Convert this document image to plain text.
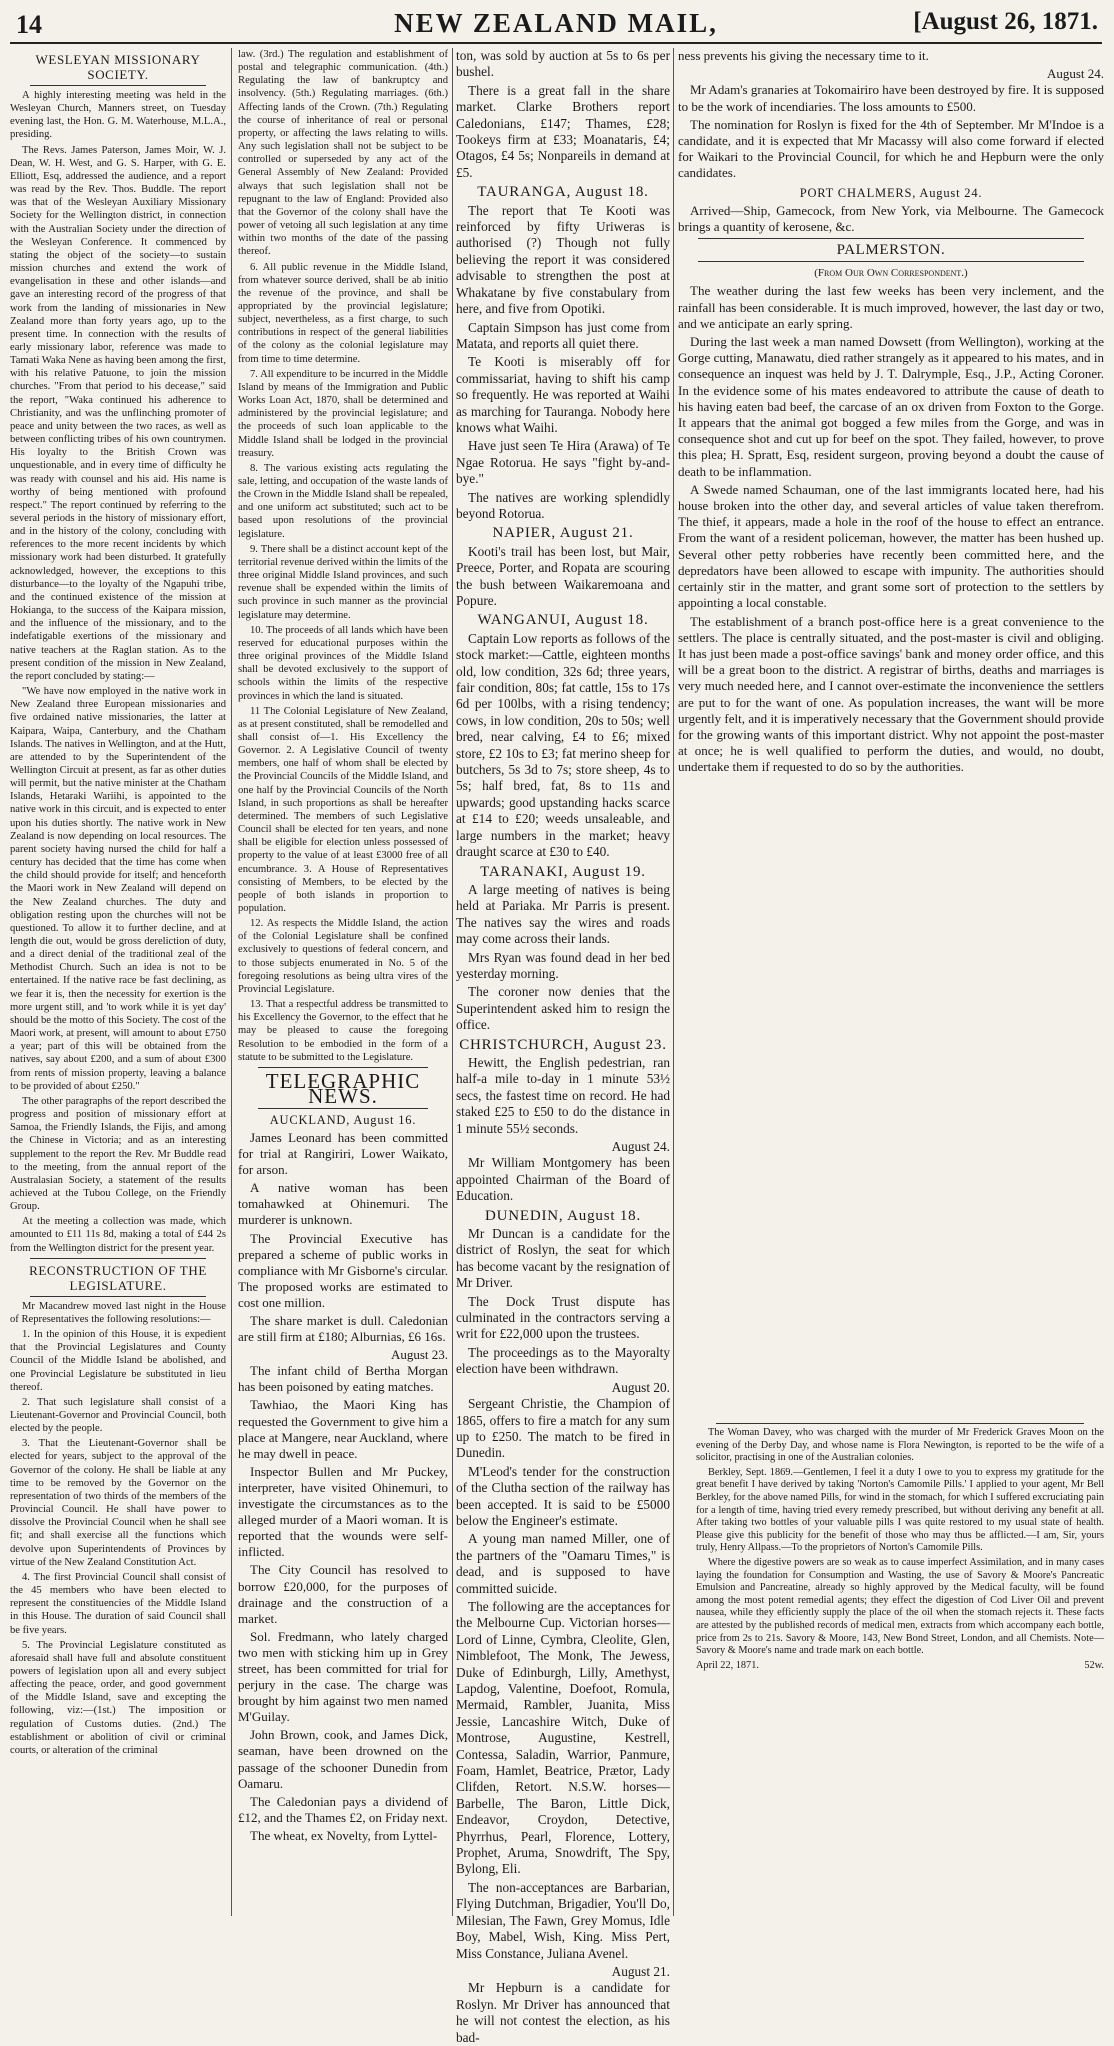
14	NEW ZEALAND MAIL,	[August 26, 1871.
WESLEYAN MISSIONARY SOCIETY.

A highly interesting meeting was held in the Wesleyan Church, Manners street, on Tuesday evening last, the Hon. G. M. Waterhouse, M.L.A., presiding.

The Revs. James Paterson, James Moir, W. J. Dean, W. H. West, and G. S. Harper, with G. E. Elliott, Esq, addressed the audience, and a report was read by the Rev. Thos. Buddle. The report was that of the Wesleyan Auxiliary Missionary Society for the Wellington district, in connection with the Australian Society under the direction of the Wesleyan Conference. It commenced by stating the object of the society—to sustain mission churches and extend the work of evangelisation in these and other islands—and gave an interesting record of the progress of that work from the landing of missionaries in New Zealand more than forty years ago, up to the present time. In connection with the results of early missionary labor, reference was made to Tamati Waka Nene as having been among the first, with his relative Patuone, to join the mission churches. "From that period to his decease," said the report, "Waka continued his adherence to Christianity, and was the unflinching promoter of peace and unity between the two races, as well as between conflicting tribes of his own countrymen. His loyalty to the British Crown was unquestionable, and in every time of difficulty he was ready with counsel and his aid. His name is worthy of being mentioned with profound respect." The report continued by referring to the several periods in the history of missionary effort, and in the history of the colony, concluding with references to the more recent incidents by which missionary work had been disturbed. It gratefully acknowledged, however, the exceptions to this disturbance—to the loyalty of the Ngapuhi tribe, and the continued existence of the mission at Hokianga, to the success of the Kaipara mission, and the influence of the missionary, and to the indefatigable exertions of the missionary and native teachers at the Raglan station. As to the present condition of the mission in New Zealand, the report concluded by stating:—

"We have now employed in the native work in New Zealand three European missionaries and five ordained native missionaries, the latter at Kaipara, Waipa, Canterbury, and the Chatham Islands. The natives in Wellington, and at the Hutt, are attended to by the Superintendent of the Wellington Circuit at present, as far as other duties will permit, but the native minister at the Chatham Islands, Hetaraki Wariihi, is appointed to the native work in this circuit, and is expected to enter upon his duties shortly. The native work in New Zealand is now depending on local resources. The parent society having nursed the child for half a century has decided that the time has come when the child should provide for itself; and henceforth the Maori work in New Zealand will depend on the New Zealand churches. The duty and obligation resting upon the churches will not be questioned. To allow it to further decline, and at length die out, would be gross dereliction of duty, and a direct denial of the traditional zeal of the Methodist Church. Such an idea is not to be entertained. If the native race be fast declining, as we fear it is, then the necessity for exertion is the more urgent still, and 'to work while it is yet day' should be the motto of this Society. The cost of the Maori work, at present, will amount to about £750 a year; part of this will be obtained from the natives, say about £200, and a sum of about £300 from rents of mission property, leaving a balance to be provided of about £250."

The other paragraphs of the report described the progress and position of missionary effort at Samoa, the Friendly Islands, the Fijis, and among the Chinese in Victoria; and as an interesting supplement to the report the Rev. Mr Buddle read to the meeting, from the annual report of the Australasian Society, a statement of the results achieved at the Tubou College, on the Friendly Group.

At the meeting a collection was made, which amounted to £11 11s 8d, making a total of £44 2s from the Wellington district for the present year.

RECONSTRUCTION OF THE LEGISLATURE.

Mr Macandrew moved last night in the House of Representatives the following resolutions:—

1. In the opinion of this House, it is expedient that the Provincial Legislatures and County Council of the Middle Island be abolished, and one Provincial Legislature be substituted in lieu thereof.

2. That such legislature shall consist of a Lieutenant-Governor and Provincial Council, both elected by the people.

3. That the Lieutenant-Governor shall be elected for years, subject to the approval of the Governor of the colony. He shall be liable at any time to be removed by the Governor on the representation of two thirds of the members of the Provincial Council. He shall have power to dissolve the Provincial Council when he shall see fit; and shall exercise all the functions which devolve upon Superintendents of Provinces by virtue of the New Zealand Constitution Act.

4. The first Provincial Council shall consist of the 45 members who have been elected to represent the constituencies of the Middle Island in this House. The duration of said Council shall be five years.

5. The Provincial Legislature constituted as aforesaid shall have full and absolute constituent powers of legislation upon all and every subject affecting the peace, order, and good government of the Middle Island, save and excepting the following, viz:—(1st.) The imposition or regulation of Customs duties. (2nd.) The establishment or abolition of civil or criminal courts, or alteration of the criminal

law. (3rd.) The regulation and establishment of postal and telegraphic communication. (4th.) Regulating the law of bankruptcy and insolvency. (5th.) Regulating marriages. (6th.) Affecting lands of the Crown. (7th.) Regulating the course of inheritance of real or personal property, or affecting the laws relating to wills. Any such legislation shall not be subject to be controlled or superseded by any act of the General Assembly of New Zealand: Provided always that such legislation shall not be repugnant to the law of England: Provided also that the Governor of the colony shall have the power of vetoing all such legislation at any time within two months of the date of the passing thereof.

6. All public revenue in the Middle Island, from whatever source derived, shall be ab initio the revenue of the province, and shall be appropriated by the provincial legislature; subject, nevertheless, as a first charge, to such contributions in respect of the general liabilities of the colony as the colonial legislature may from time to time determine.

7. All expenditure to be incurred in the Middle Island by means of the Immigration and Public Works Loan Act, 1870, shall be determined and administered by the provincial legislature; and the proceeds of such loan applicable to the Middle Island shall be lodged in the provincial treasury.

8. The various existing acts regulating the sale, letting, and occupation of the waste lands of the Crown in the Middle Island shall be repealed, and one uniform act substituted; such act to be based upon resolutions of the provincial legislature.

9. There shall be a distinct account kept of the territorial revenue derived within the limits of the three original Middle Island provinces, and such revenue shall be expended within the limits of such province in such manner as the provincial legislature may determine.

10. The proceeds of all lands which have been reserved for educational purposes within the three original provinces of the Middle Island shall be devoted exclusively to the support of schools within the limits of the respective provinces in which the land is situated.

11 The Colonial Legislature of New Zealand, as at present constituted, shall be remodelled and shall consist of—1. His Excellency the Governor. 2. A Legislative Council of twenty members, one half of whom shall be elected by the Provincial Councils of the Middle Island, and one half by the Provincial Councils of the North Island, in such proportions as shall be hereafter determined. The members of such Legislative Council shall be elected for ten years, and none shall be eligible for election unless possessed of property to the value of at least £3000 free of all encumbrance. 3. A House of Representatives consisting of Members, to be elected by the people of both islands in proportion to population.

12. As respects the Middle Island, the action of the Colonial Legislature shall be confined exclusively to questions of federal concern, and to those subjects enumerated in No. 5 of the foregoing resolutions as being ultra vires of the Provincial Legislature.

13. That a respectful address be transmitted to his Excellency the Governor, to the effect that he may be pleased to cause the foregoing Resolution to be embodied in the form of a statute to be submitted to the Legislature.

TELEGRAPHIC NEWS.
AUCKLAND, August 16.

James Leonard has been committed for trial at Rangiriri, Lower Waikato, for arson.

A native woman has been tomahawked at Ohinemuri. The murderer is unknown.

The Provincial Executive has prepared a scheme of public works in compliance with Mr Gisborne's circular. The proposed works are estimated to cost one million.

The share market is dull. Caledonian are still firm at £180; Alburnias, £6 16s.

August 23.

The infant child of Bertha Morgan has been poisoned by eating matches.

Tawhiao, the Maori King has requested the Government to give him a place at Mangere, near Auckland, where he may dwell in peace.

Inspector Bullen and Mr Puckey, interpreter, have visited Ohinemuri, to investigate the circumstances as to the alleged murder of a Maori woman. It is reported that the wounds were self-inflicted.

The City Council has resolved to borrow £20,000, for the purposes of drainage and the construction of a market.

Sol. Fredmann, who lately charged two men with sticking him up in Grey street, has been committed for trial for perjury in the case. The charge was brought by him against two men named M'Guilay.

John Brown, cook, and James Dick, seaman, have been drowned on the passage of the schooner Dunedin from Oamaru.

The Caledonian pays a dividend of £12, and the Thames £2, on Friday next.

The wheat, ex Novelty, from Lyttel-

ton, was sold by auction at 5s to 6s per bushel.

There is a great fall in the share market. Clarke Brothers report Caledonians, £147; Thames, £28; Tookeys firm at £33; Moanataris, £4; Otagos, £4 5s; Nonpareils in demand at £5.

TAURANGA, August 18.

The report that Te Kooti was reinforced by fifty Uriweras is authorised (?) Though not fully believing the report it was considered advisable to strengthen the post at Whakatane by five constabulary from here, and five from Opotiki.

Captain Simpson has just come from Matata, and reports all quiet there.

Te Kooti is miserably off for commissariat, having to shift his camp so frequently. He was reported at Waihi as marching for Tauranga. Nobody here knows what Waihi.

Have just seen Te Hira (Arawa) of Te Ngae Rotorua. He says "fight by-and-bye."

The natives are working splendidly beyond Rotorua.

NAPIER, August 21.

Kooti's trail has been lost, but Mair, Preece, Porter, and Ropata are scouring the bush between Waikaremoana and Popure.

WANGANUI, August 18.

Captain Low reports as follows of the stock market:—Cattle, eighteen months old, low condition, 32s 6d; three years, fair condition, 80s; fat cattle, 15s to 17s 6d per 100lbs, with a rising tendency; cows, in low condition, 20s to 50s; well bred, near calving, £4 to £6; mixed store, £2 10s to £3; fat merino sheep for butchers, 5s 3d to 7s; store sheep, 4s to 5s; half bred, fat, 8s to 11s and upwards; good upstanding hacks scarce at £14 to £20; weeds unsaleable, and large numbers in the market; heavy draught scarce at £30 to £40.

TARANAKI, August 19.

A large meeting of natives is being held at Pariaka. Mr Parris is present. The natives say the wires and roads may come across their lands.

Mrs Ryan was found dead in her bed yesterday morning.

The coroner now denies that the Superintendent asked him to resign the office.

CHRISTCHURCH, August 23.

Hewitt, the English pedestrian, ran half-a mile to-day in 1 minute 53½ secs, the fastest time on record. He had staked £25 to £50 to do the distance in 1 minute 55½ seconds.

August 24.

Mr William Montgomery has been appointed Chairman of the Board of Education.

DUNEDIN, August 18.

Mr Duncan is a candidate for the district of Roslyn, the seat for which has become vacant by the resignation of Mr Driver.

The Dock Trust dispute has culminated in the contractors serving a writ for £22,000 upon the trustees.

The proceedings as to the Mayoralty election have been withdrawn.

August 20.

Sergeant Christie, the Champion of 1865, offers to fire a match for any sum up to £250. The match to be fired in Dunedin.

M'Leod's tender for the construction of the Clutha section of the railway has been accepted. It is said to be £5000 below the Engineer's estimate.

A young man named Miller, one of the partners of the "Oamaru Times," is dead, and is supposed to have committed suicide.

The following are the acceptances for the Melbourne Cup. Victorian horses—Lord of Linne, Cymbra, Cleolite, Glen, Nimblefoot, The Monk, The Jewess, Duke of Edinburgh, Lilly, Amethyst, Lapdog, Valentine, Doefoot, Romula, Mermaid, Rambler, Juanita, Miss Jessie, Lancashire Witch, Duke of Montrose, Augustine, Kestrell, Contessa, Saladin, Warrior, Panmure, Foam, Hamlet, Beatrice, Prætor, Lady Clifden, Retort. N.S.W. horses—Barbelle, The Baron, Little Dick, Endeavor, Croydon, Detective, Phyrrhus, Pearl, Florence, Lottery, Prophet, Aruma, Snowdrift, The Spy, Bylong, Eli.

The non-acceptances are Barbarian, Flying Dutchman, Brigadier, You'll Do, Milesian, The Fawn, Grey Momus, Idle Boy, Mabel, Wish, King. Miss Pert, Miss Constance, Juliana Avenel.

August 21.

Mr Hepburn is a candidate for Roslyn. Mr Driver has announced that he will not contest the election, as his bad-

ness prevents his giving the necessary time to it.

August 24.

Mr Adam's granaries at Tokomairiro have been destroyed by fire. It is supposed to be the work of incendiaries. The loss amounts to £500.

The nomination for Roslyn is fixed for the 4th of September. Mr M'Indoe is a candidate, and it is expected that Mr Macassy will also come forward if elected for Waikari to the Provincial Council, for which he and Hepburn were the only candidates.

PORT CHALMERS, August 24.

Arrived—Ship, Gamecock, from New York, via Melbourne. The Gamecock brings a quantity of kerosene, &c.

PALMERSTON.

(From Our Own Correspondent.)

The weather during the last few weeks has been very inclement, and the rainfall has been considerable. It is much improved, however, the last day or two, and we anticipate an early spring.

During the last week a man named Dowsett (from Wellington), working at the Gorge cutting, Manawatu, died rather strangely as it appeared to his mates, and in consequence an inquest was held by J. T. Dalrymple, Esq., J.P., Acting Coroner. In the evidence some of his mates endeavored to attribute the cause of death to his having eaten bad beef, the carcase of an ox driven from Foxton to the Gorge. It appears that the animal got bogged a few miles from the Gorge, and was in consequence shot and cut up for beef on the spot. They failed, however, to prove this plea; H. Spratt, Esq, resident surgeon, proving beyond a doubt the cause of death to be inflammation.

A Swede named Schauman, one of the last immigrants located here, had his house broken into the other day, and several articles of value taken therefrom. The thief, it appears, made a hole in the roof of the house to effect an entrance. From the want of a resident policeman, however, the matter has been hushed up. Several other petty robberies have recently been committed here, and the depredators have been allowed to escape with impunity. The authorities should certainly stir in the matter, and grant some sort of protection to the settlers by appointing a local constable.

The establishment of a branch post-office here is a great convenience to the settlers. The place is centrally situated, and the post-master is civil and obliging. It has just been made a post-office savings' bank and money order office, and this will be a great boon to the district. A registrar of births, deaths and marriages is very much needed here, and I cannot over-estimate the inconvenience the settlers are put to for the want of one. As population increases, the want will be more urgently felt, and it is imperatively necessary that the Government should provide for the growing wants of this important district. Why not appoint the post-master at once; he is well qualified to perform the duties, and would, no doubt, undertake them if requested to do so by the authorities.

The Woman Davey, who was charged with the murder of Mr Frederick Graves Moon on the evening of the Derby Day, and whose name is Flora Newington, is reported to be the wife of a solicitor, practising in one of the Australian colonies.

Berkley, Sept. 1869.—Gentlemen, I feel it a duty I owe to you to express my gratitude for the great benefit I have derived by taking 'Norton's Camomile Pills.' I applied to your agent, Mr Bell Berkley, for the above named Pills, for wind in the stomach, for which I suffered excruciating pain for a length of time, having tried every remedy prescribed, but without deriving any benefit at all. After taking two bottles of your valuable pills I was quite restored to my usual state of health. Please give this publicity for the benefit of those who may thus be afflicted.—I am, Sir, yours truly, Henry Allpass.—To the proprietors of Norton's Camomile Pills.

Where the digestive powers are so weak as to cause imperfect Assimilation, and in many cases laying the foundation for Consumption and Wasting, the use of Savory & Moore's Pancreatic Emulsion and Pancreatine, already so highly approved by the Medical faculty, will be found among the most potent remedial agents; they effect the digestion of Cod Liver Oil and prevent nausea, while they efficiently supply the place of the oil when the stomach rejects it. These facts are attested by the published records of medical men, extracts from which accompany each bottle, price from 2s to 21s. Savory & Moore, 143, New Bond Street, London, and all Chemists. Note—Savory & Moore's name and trade mark on each bottle.

April 22, 1871.	52w.
